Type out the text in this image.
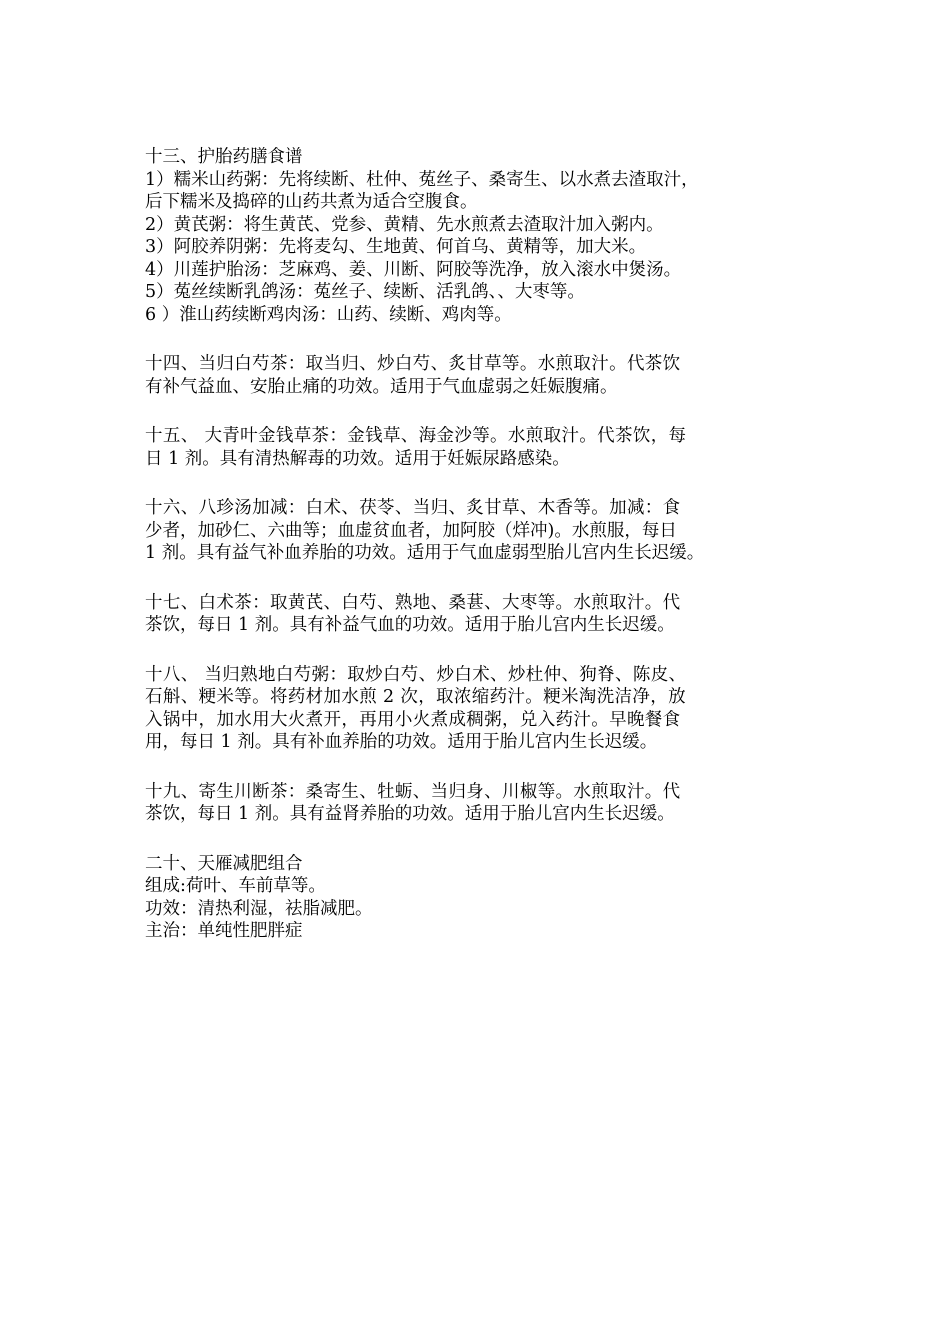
十三、护胎药膳食谱
1）糯米山药粥：先将续断、杜仲、菟丝子、桑寄生、以水煮去渣取汁，
后下糯米及捣碎的山药共煮为适合空腹食。
2）黄芪粥：将生黄芪、党参、黄精、先水煎煮去渣取汁加入粥内。
3）阿胶养阴粥：先将麦勾、生地黄、何首乌、黄精等，加大米。
4）川莲护胎汤：芝麻鸡、姜、川断、阿胶等洗净，放入滚水中煲汤。
5）菟丝续断乳鸽汤：菟丝子、续断、活乳鸽、、大枣等。
6 ）淮山药续断鸡肉汤：山药、续断、鸡肉等。
十四、当归白芍茶：取当归、炒白芍、炙甘草等。水煎取汁。代茶饮
有补气益血、安胎止痛的功效。适用于气血虚弱之妊娠腹痛。
十五、 大青叶金钱草茶：金钱草、海金沙等。水煎取汁。代茶饮，每
日 1 剂。具有清热解毒的功效。适用于妊娠尿路感染。
十六、八珍汤加减：白术、茯苓、当归、炙甘草、木香等。加减：食
少者，加砂仁、六曲等；血虚贫血者，加阿胶（烊冲)。水煎服，每日
1 剂。具有益气补血养胎的功效。适用于气血虚弱型胎儿宫内生长迟缓。
十七、白术茶：取黄芪、白芍、熟地、桑葚、大枣等。水煎取汁。代
茶饮，每日 1 剂。具有补益气血的功效。适用于胎儿宫内生长迟缓。
十八、 当归熟地白芍粥：取炒白芍、炒白术、炒杜仲、狗脊、陈皮、
石斛、粳米等。将药材加水煎 2 次，取浓缩药汁。粳米淘洗洁净，放
入锅中，加水用大火煮开，再用小火煮成稠粥，兑入药汁。早晚餐食
用，每日 1 剂。具有补血养胎的功效。适用于胎儿宫内生长迟缓。
十九、寄生川断茶：桑寄生、牡蛎、当归身、川椒等。水煎取汁。代
茶饮，每日 1 剂。具有益肾养胎的功效。适用于胎儿宫内生长迟缓。
二十、天雁减肥组合
组成:荷叶、车前草等。
功效：清热利湿，祛脂减肥。
主治：单纯性肥胖症
